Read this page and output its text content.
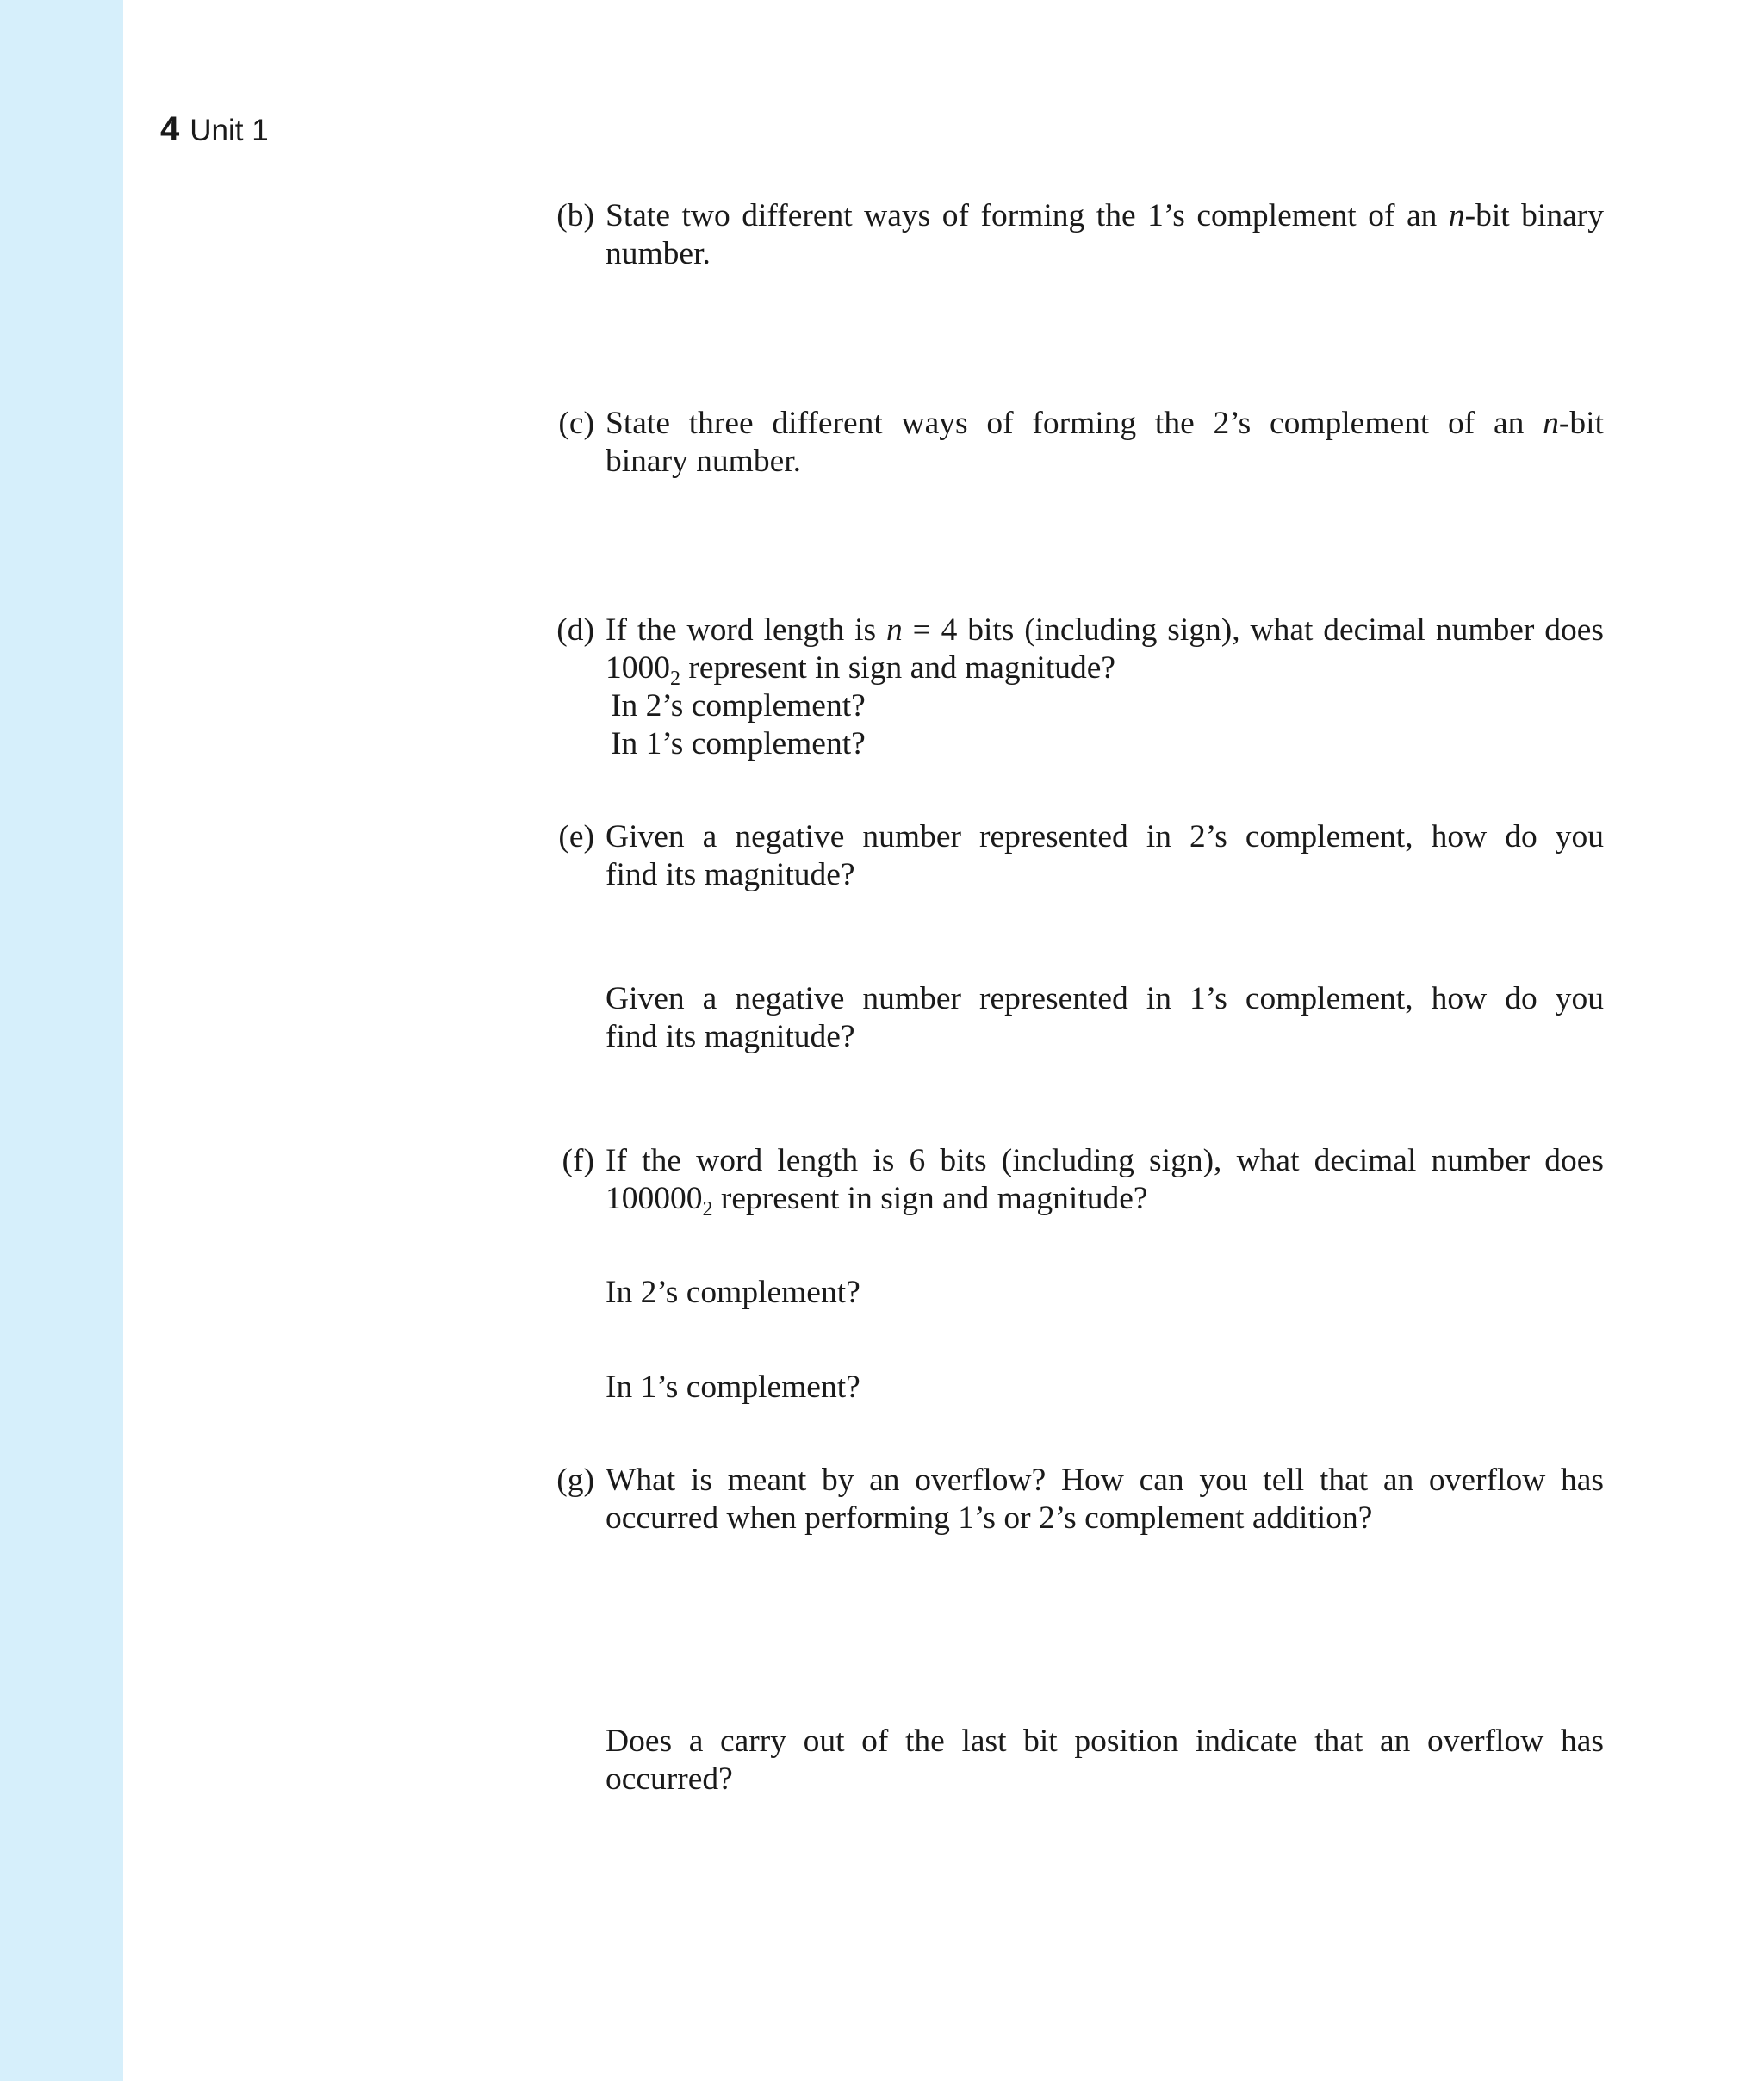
4 Unit 1
(b) State two different ways of forming the 1’s complement of an n-bit binary
number.
(c) State three different ways of forming the 2’s complement of an n-bit
binary number.
(d) If the word length is n = 4 bits (including sign), what decimal number does
$1000_2$ represent in sign and magnitude?
In 2’s complement?
In 1’s complement?
(e) Given a negative number represented in 2’s complement, how do you
find its magnitude?
Given a negative number represented in 1’s complement, how do you
find its magnitude?
(f) If the word length is 6 bits (including sign), what decimal number does
$100000_2$ represent in sign and magnitude?
In 2’s complement?
In 1’s complement?
(g) What is meant by an overflow? How can you tell that an overflow has
occurred when performing 1’s or 2’s complement addition?
Does a carry out of the last bit position indicate that an overflow has
occurred?
